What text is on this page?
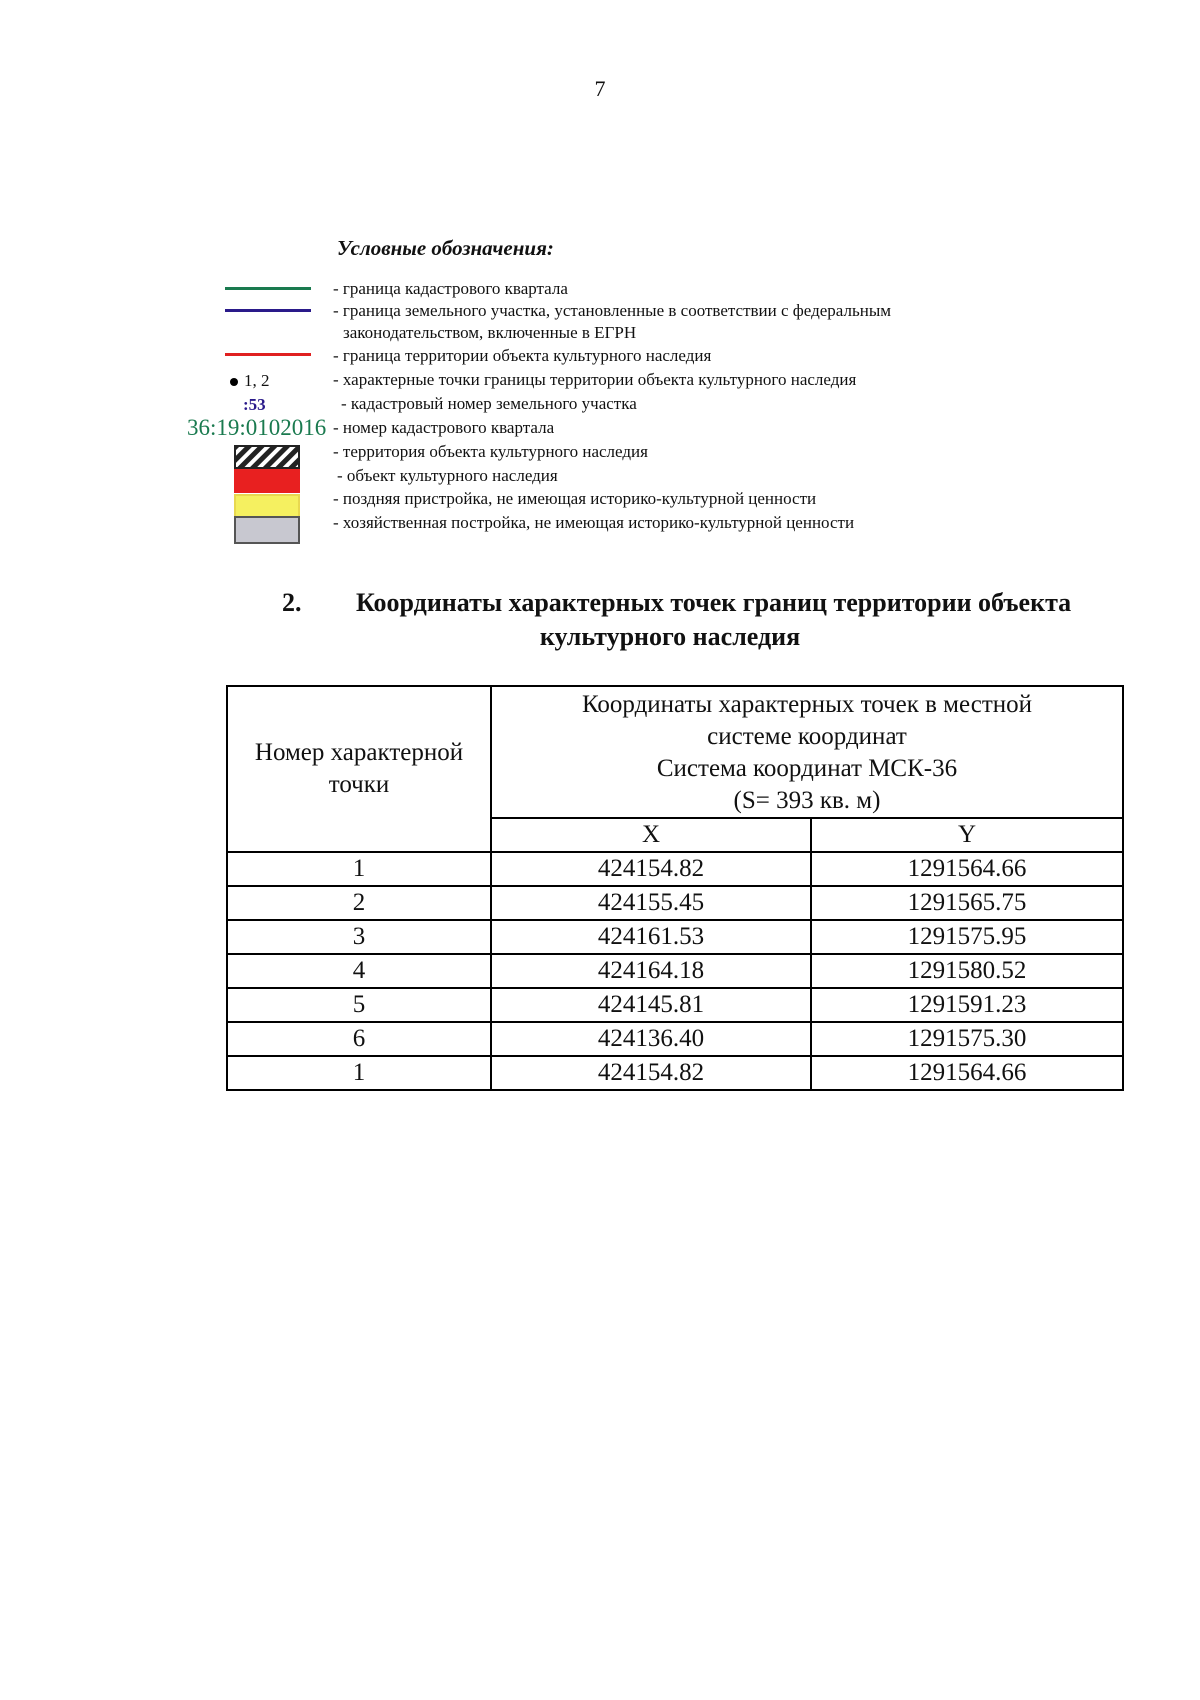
7
Условные обозначения:
1, 2
:53
36:19:0102016
- граница кадастрового квартала
- граница земельного участка, установленные в соответствии с федеральным
законодательством, включенные в ЕГРН
- граница территории объекта культурного наследия
- характерные точки границы территории объекта культурного наследия
- кадастровый номер земельного участка
- номер кадастрового квартала
- территория объекта культурного наследия
- объект культурного наследия
- поздняя пристройка, не имеющая историко-культурной ценности
- хозяйственная постройка, не имеющая историко-культурной ценности
2. Координаты характерных точек границ территории объекта
культурного наследия
Номер характерной точки	Координаты характерных точек в местной
системе координат
Система координат МСК-36
(S= 393 кв. м)	

	X	Y
1	424154.82	1291564.66
2	424155.45	1291565.75
3	424161.53	1291575.95
4	424164.18	1291580.52
5	424145.81	1291591.23
6	424136.40	1291575.30
1	424154.82	1291564.66
